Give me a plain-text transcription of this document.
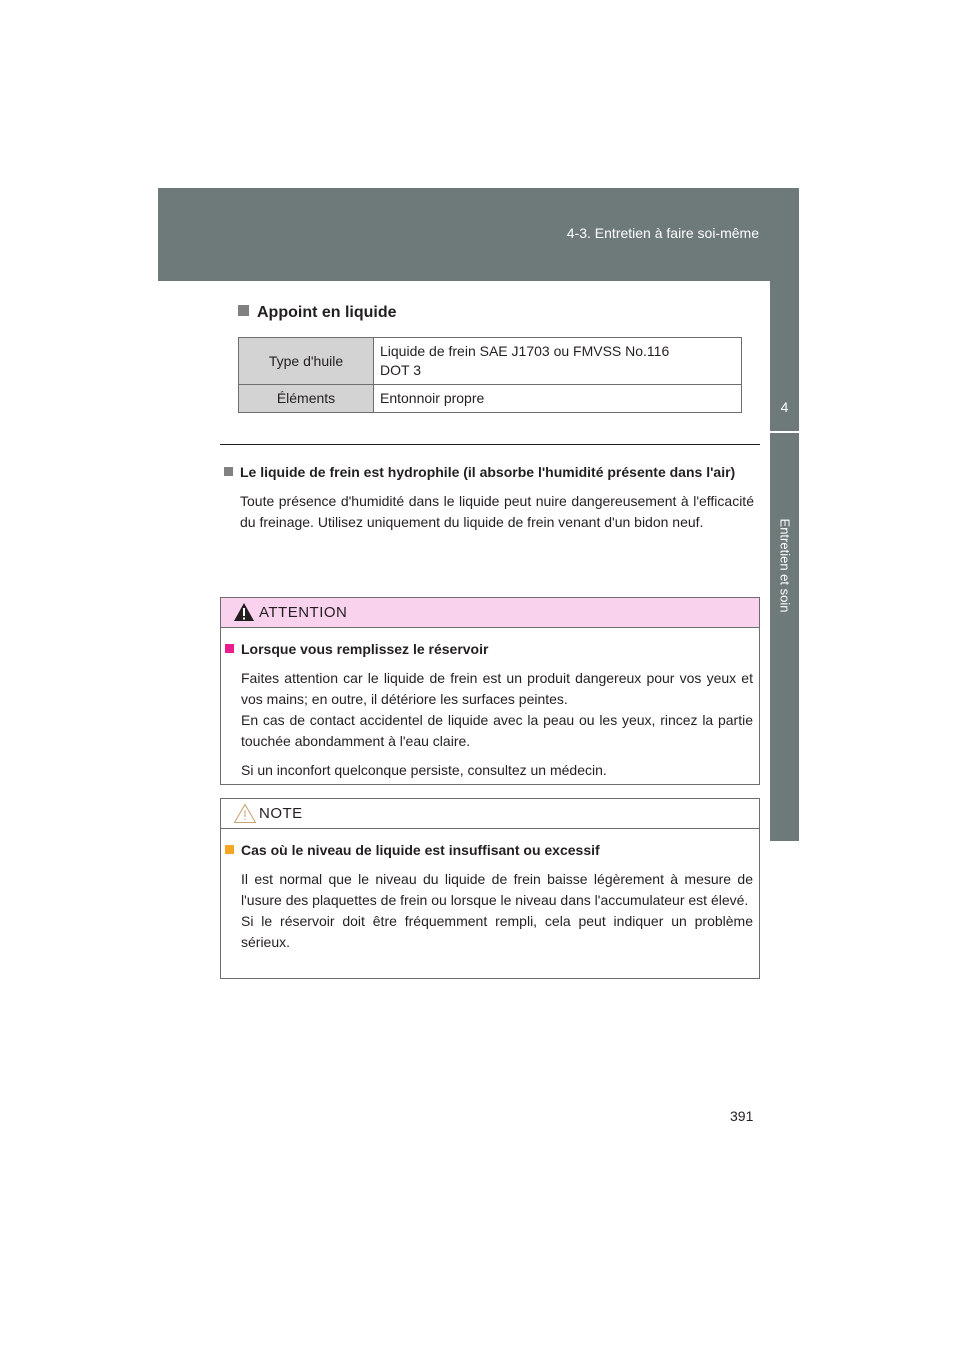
4-3. Entretien à faire soi-même
4
Entretien et soin
Appoint en liquide
Type d'huile	Liquide de frein SAE J1703 ou FMVSS No.116
DOT 3

Éléments	Entonnoir propre
Le liquide de frein est hydrophile (il absorbe l'humidité présente dans l'air)
Toute présence d'humidité dans le liquide peut nuire dangereusement à l'efficacité du freinage. Utilisez uniquement du liquide de frein venant d'un bidon neuf.
ATTENTION
Lorsque vous remplissez le réservoir
Faites attention car le liquide de frein est un produit dangereux pour vos yeux et vos mains; en outre, il détériore les surfaces peintes.
En cas de contact accidentel de liquide avec la peau ou les yeux, rincez la partie touchée abondamment à l'eau claire.
Si un inconfort quelconque persiste, consultez un médecin.
NOTE
Cas où le niveau de liquide est insuffisant ou excessif
Il est normal que le niveau du liquide de frein baisse légèrement à mesure de l'usure des plaquettes de frein ou lorsque le niveau dans l'accumulateur est élevé.
Si le réservoir doit être fréquemment rempli, cela peut indiquer un problème sérieux.
391
